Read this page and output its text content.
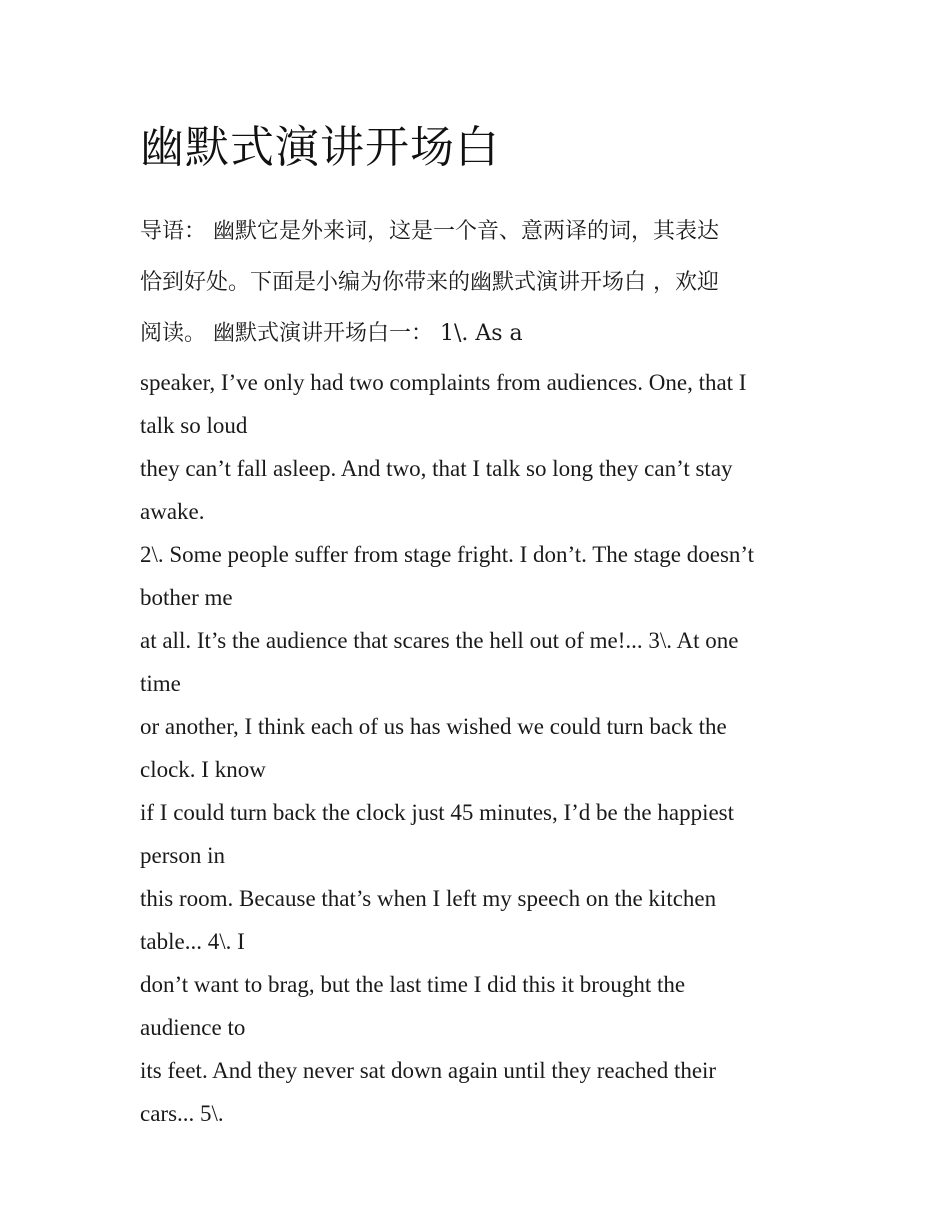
幽默式演讲开场白
导语： 幽默它是外来词，这是一个音、意两译的词，其表达
恰到好处。下面是小编为你带来的幽默式演讲开场白 ，欢迎
阅读。 幽默式演讲开场白一： 1\. As a
speaker, I’ve only had two complaints from audiences. One, that I
talk so loud
they can’t fall asleep. And two, that I talk so long they can’t stay
awake.
2\. Some people suffer from stage fright. I don’t. The stage doesn’t
bother me
at all. It’s the audience that scares the hell out of me!... 3\. At one
time
or another, I think each of us has wished we could turn back the
clock. I know
if I could turn back the clock just 45 minutes, I’d be the happiest
person in
this room. Because that’s when I left my speech on the kitchen
table... 4\. I
don’t want to brag, but the last time I did this it brought the
audience to
its feet. And they never sat down again until they reached their
cars... 5\.
